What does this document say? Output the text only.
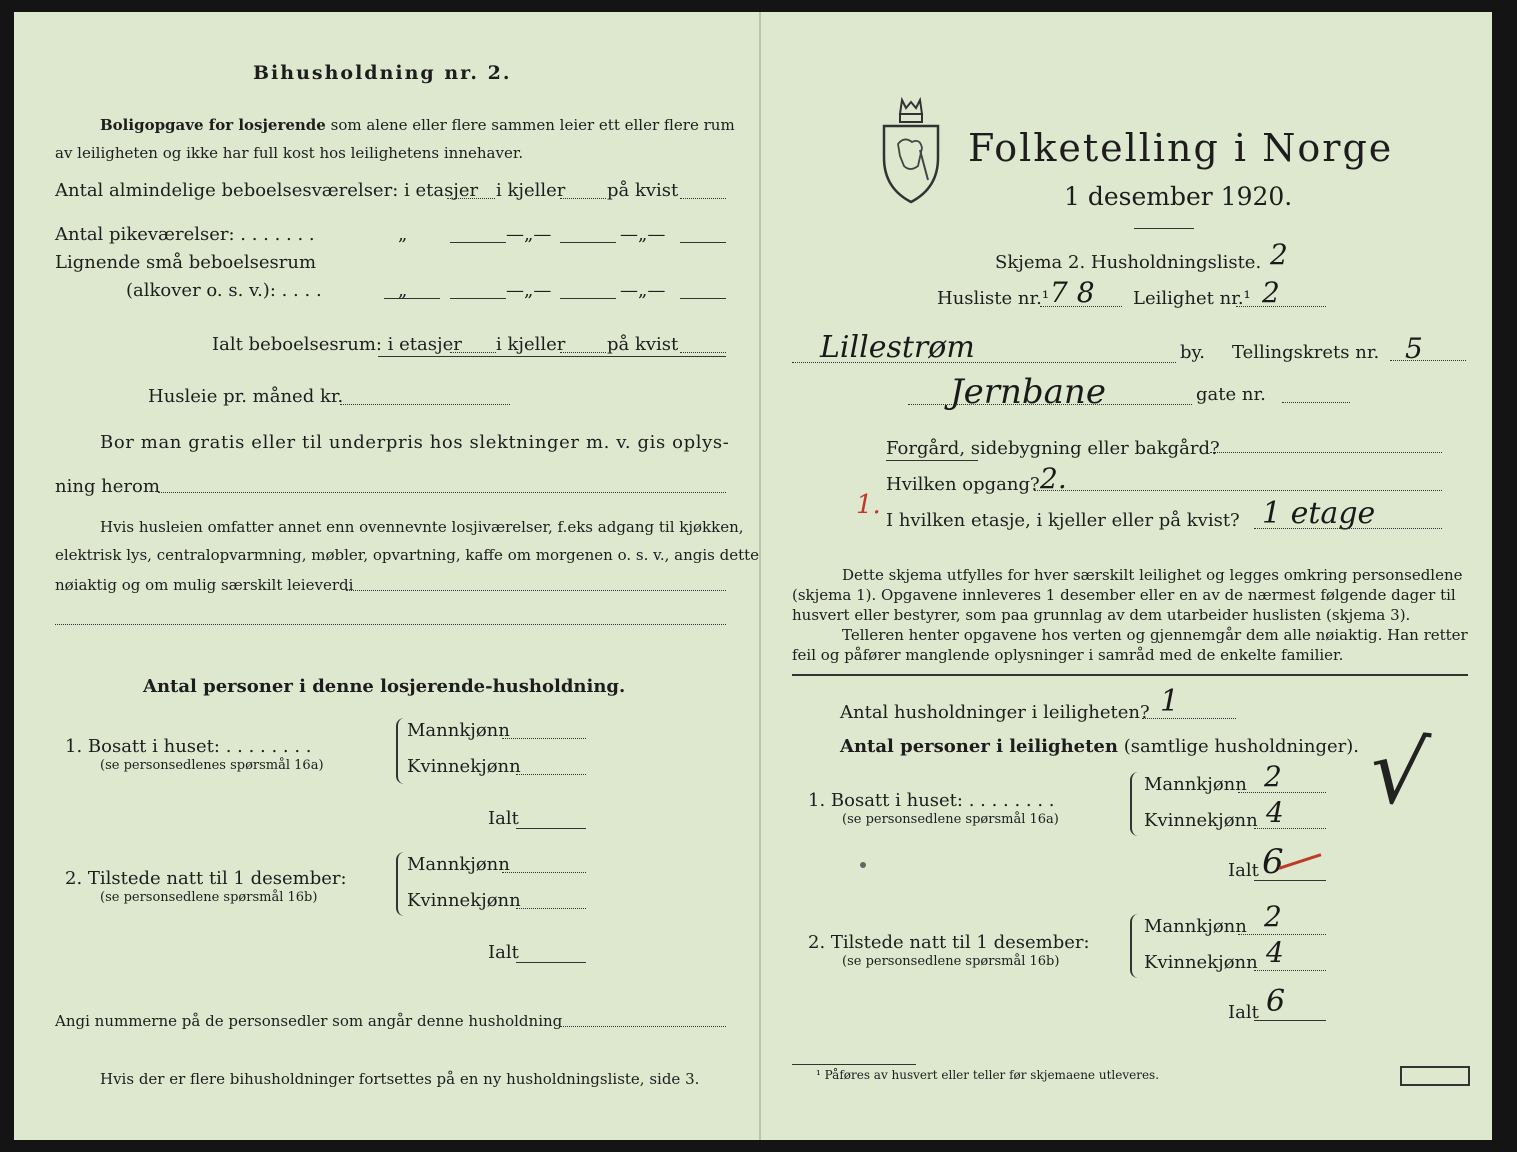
Bihusholdning nr. 2.
Boligopgave for losjerende som alene eller flere sammen leier ett eller flere rum
av leiligheten og ikke har full kost hos leilighetens innehaver.
Antal almindelige beboelsesværelser: i etasjer i kjeller på kvist
Antal pikeværelser: . . . . . . .	„	—„—	—„—
Lignende små beboelsesrum
(alkover o. s. v.): . . . .	„	—„—	—„—
Ialt beboelsesrum: i etasjer i kjeller på kvist
Husleie pr. måned kr.
Bor man gratis eller til underpris hos slektninger m. v. gis oplys-
ning herom
Hvis husleien omfatter annet enn ovennevnte losjiværelser, f.eks adgang til kjøkken,
elektrisk lys, centralopvarmning, møbler, opvartning, kaffe om morgenen o. s. v., angis dette
nøiaktig og om mulig særskilt leieverdi
Antal personer i denne losjerende-husholdning.
1. Bosatt i huset: . . . . . . . .
(se personsedlenes spørsmål 16a)
Mannkjønn
Kvinnekjønn
Ialt
2. Tilstede natt til 1 desember:
(se personsedlene spørsmål 16b)
Mannkjønn
Kvinnekjønn
Ialt
Angi nummerne på de personsedler som angår denne husholdning
Hvis der er flere bihusholdninger fortsettes på en ny husholdningsliste, side 3.
Folketelling i Norge
1 desember 1920.
Skjema 2. Husholdningsliste. 2
Husliste nr.¹ 7 8 Leilighet nr.¹ 2
Lillestrøm	by. Tellingskrets nr. 5
Jernbane	gate nr.
Forgård, sidebygning eller bakgård?
Hvilken opgang? 2.
1.
I hvilken etasje, i kjeller eller på kvist? 1 etage
Dette skjema utfylles for hver særskilt leilighet og legges omkring personsedlene
(skjema 1). Opgavene innleveres 1 desember eller en av de nærmest følgende dager til
husvert eller bestyrer, som paa grunnlag av dem utarbeider huslisten (skjema 3).
Telleren henter opgavene hos verten og gjennemgår dem alle nøiaktig. Han retter
feil og påfører manglende oplysninger i samråd med de enkelte familier.
Antal husholdninger i leiligheten? 1
Antal personer i leiligheten (samtlige husholdninger).
1. Bosatt i huset: . . . . . . . .
(se personsedlene spørsmål 16a)
Mannkjønn 2
Kvinnekjønn 4
Ialt 6
√
2. Tilstede natt til 1 desember:
(se personsedlene spørsmål 16b)
Mannkjønn 2
Kvinnekjønn 4
Ialt 6
¹ Påføres av husvert eller teller før skjemaene utleveres.
